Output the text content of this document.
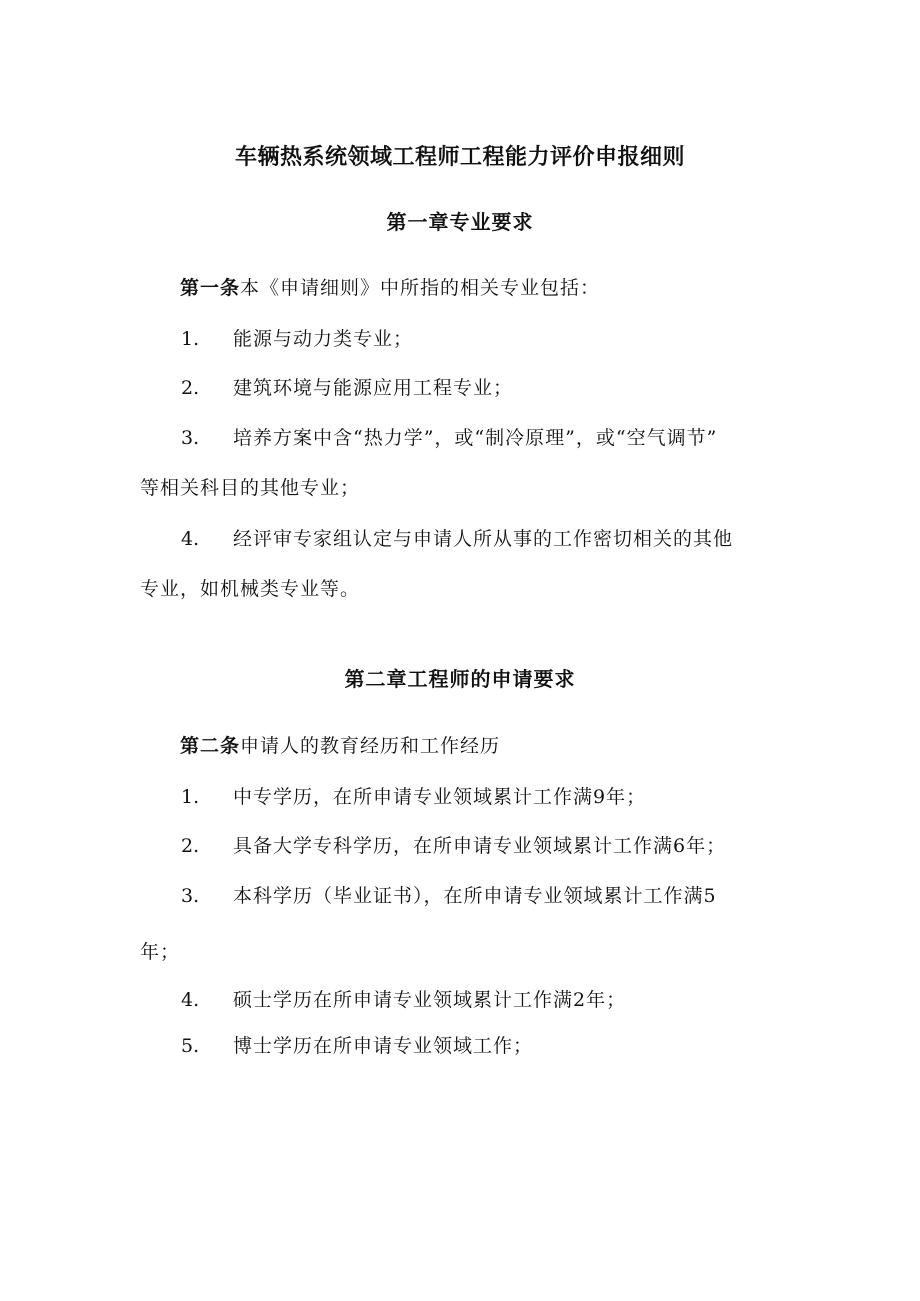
车辆热系统领域工程师工程能力评价申报细则
第一章专业要求
第一条本《申请细则》中所指的相关专业包括：
1. 能源与动力类专业；
2. 建筑环境与能源应用工程专业；
3. 培养方案中含“热力学”，或“制冷原理”，或“空气调节”
等相关科目的其他专业；
4. 经评审专家组认定与申请人所从事的工作密切相关的其他
专业，如机械类专业等。
第二章工程师的申请要求
第二条申请人的教育经历和工作经历
1. 中专学历，在所申请专业领域累计工作满9年；
2. 具备大学专科学历，在所申请专业领域累计工作满6年；
3. 本科学历（毕业证书），在所申请专业领域累计工作满5
年；
4. 硕士学历在所申请专业领域累计工作满2年；
5. 博士学历在所申请专业领域工作；
